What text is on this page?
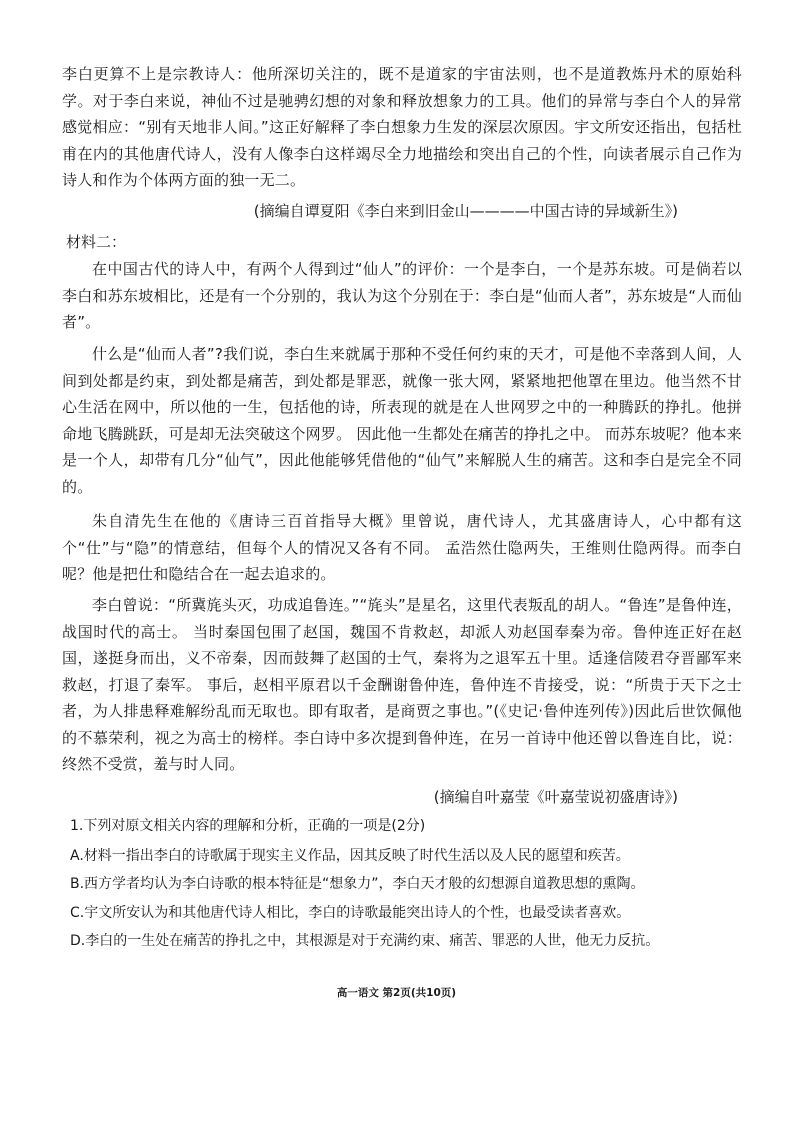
李白更算不上是宗教诗人：他所深切关注的，既不是道家的宇宙法则，也不是道教炼丹术的原始科学。对于李白来说，神仙不过是驰骋幻想的对象和释放想象力的工具。他们的异常与李白个人的异常感觉相应：“别有天地非人间。”这正好解释了李白想象力生发的深层次原因。宇文所安还指出，包括杜甫在内的其他唐代诗人，没有人像李白这样竭尽全力地描绘和突出自己的个性，向读者展示自己作为诗人和作为个体两方面的独一无二。

(摘编自谭夏阳《李白来到旧金山————中国古诗的异域新生》)

材料二：

在中国古代的诗人中，有两个人得到过“仙人”的评价：一个是李白，一个是苏东坡。可是倘若以李白和苏东坡相比，还是有一个分别的，我认为这个分别在于：李白是“仙而人者”，苏东坡是“人而仙者”。

什么是“仙而人者”?我们说，李白生来就属于那种不受任何约束的天才，可是他不幸落到人间，人间到处都是约束，到处都是痛苦，到处都是罪恶，就像一张大网，紧紧地把他罩在里边。他当然不甘心生活在网中，所以他的一生，包括他的诗，所表现的就是在人世网罗之中的一种腾跃的挣扎。他拼命地飞腾跳跃，可是却无法突破这个网罗。 因此他一生都处在痛苦的挣扎之中。 而苏东坡呢？他本来是一个人，却带有几分“仙气”，因此他能够凭借他的“仙气”来解脱人生的痛苦。这和李白是完全不同的。

朱自清先生在他的《唐诗三百首指导大概》里曾说，唐代诗人，尤其盛唐诗人，心中都有这个“仕”与“隐”的情意结，但每个人的情况又各有不同。 孟浩然仕隐两失，王维则仕隐两得。而李白呢？他是把仕和隐结合在一起去追求的。

李白曾说：“所冀旄头灭，功成追鲁连。”“旄头”是星名，这里代表叛乱的胡人。“鲁连”是鲁仲连，战国时代的高士。 当时秦国包围了赵国，魏国不肯救赵，却派人劝赵国奉秦为帝。鲁仲连正好在赵国，遂挺身而出，义不帝秦，因而鼓舞了赵国的士气，秦将为之退军五十里。适逢信陵君夺晋鄙军来救赵，打退了秦军。 事后，赵相平原君以千金酬谢鲁仲连，鲁仲连不肯接受，说：“所贵于天下之士者，为人排患释难解纷乱而无取也。即有取者，是商贾之事也。”(《史记·鲁仲连列传》)因此后世饮佩他的不慕荣利，视之为高士的榜样。李白诗中多次提到鲁仲连，在另一首诗中他还曾以鲁连自比，说：终然不受赏，羞与时人同。

(摘编自叶嘉莹《叶嘉莹说初盛唐诗》)

1.下列对原文相关内容的理解和分析，正确的一项是(2分)

A.材料一指出李白的诗歌属于现实主义作品，因其反映了时代生活以及人民的愿望和疾苦。

B.西方学者均认为李白诗歌的根本特征是“想象力”，李白天才般的幻想源自道教思想的熏陶。

C.宇文所安认为和其他唐代诗人相比，李白的诗歌最能突出诗人的个性，也最受读者喜欢。

D.李白的一生处在痛苦的挣扎之中，其根源是对于充满约束、痛苦、罪恶的人世，他无力反抗。

高一语文 第2页(共10页)
